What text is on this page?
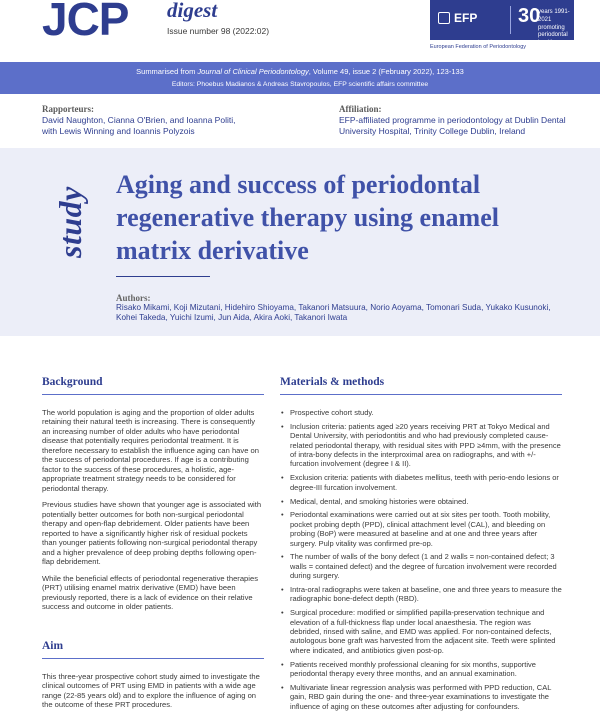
JCP digest
Issue number 98 (2022:02)
EFP 30
years 1991-2021 promoting periodontal health
European Federation of Periodontology
Summarised from Journal of Clinical Periodontology, Volume 49, issue 2 (February 2022), 123-133
Editors: Phoebus Madianos & Andreas Stavropoulos, EFP scientific affairs committee
Rapporteurs:
David Naughton, Cianna O'Brien, and Ioanna Politi,
with Lewis Winning and Ioannis Polyzois
Affiliation:
EFP-affiliated programme in periodontology at Dublin Dental
University Hospital, Trinity College Dublin, Ireland
study
Aging and success of periodontal regenerative therapy using enamel matrix derivative
Authors:
Risako Mikami, Koji Mizutani, Hidehiro Shioyama, Takanori Matsuura, Norio Aoyama, Tomonari Suda, Yukako Kusunoki, Kohei Takeda, Yuichi Izumi, Jun Aida, Akira Aoki, Takanori Iwata
Background

The world population is aging and the proportion of older adults retaining their natural teeth is increasing. There is consequently an increasing number of older adults who have periodontal disease that potentially requires periodontal treatment. It is therefore necessary to establish the influence aging can have on the success of periodontal procedures. If age is a contributing factor to the success of these procedures, a holistic, age-appropriate treatment strategy needs to be considered for periodontal therapy.

Previous studies have shown that younger age is associated with potentially better outcomes for both non-surgical periodontal therapy and open-flap debridement. Older patients have been reported to have a significantly higher risk of residual pockets than younger patients following non-surgical periodontal therapy and a higher prevalence of deep probing depths following open-flap debridement.

While the beneficial effects of periodontal regenerative therapies (PRT) utilising enamel matrix derivative (EMD) have been previously reported, there is a lack of evidence on their relative success and outcome in older patients.

Aim

This three-year prospective cohort study aimed to investigate the clinical outcomes of PRT using EMD in patients with a wide age range (22-85 years old) and to explore the influence of aging on the outcome of these PRT procedures.

Materials & methods
• Prospective cohort study.
• Inclusion criteria: patients aged ≥20 years receiving PRT at Tokyo Medical and Dental University, with periodontitis and who had previously completed cause-related periodontal therapy, with residual sites with PPD ≥4mm, with the presence of intra-bony defects in the interproximal area on radiographs, and with +/- furcation involvement (degree I & II).
• Exclusion criteria: patients with diabetes mellitus, teeth with perio-endo lesions or degree-III furcation involvement.
• Medical, dental, and smoking histories were obtained.
• Periodontal examinations were carried out at six sites per tooth. Tooth mobility, pocket probing depth (PPD), clinical attachment level (CAL), and bleeding on probing (BoP) were measured at baseline and at one and three years after surgery. Pulp vitality was confirmed pre-op.
• The number of walls of the bony defect (1 and 2 walls = non-contained defect; 3 walls = contained defect) and the degree of furcation involvement were recorded during surgery.
• Intra-oral radiographs were taken at baseline, one and three years to measure the radiographic bone-defect depth (RBD).
• Surgical procedure: modified or simplified papilla-preservation technique and elevation of a full-thickness flap under local anaesthesia. The region was debrided, rinsed with saline, and EMD was applied. For non-contained defects, autologous bone graft was harvested from the adjacent site. Teeth were splinted where indicated, and antibiotics given post-op.
• Patients received monthly professional cleaning for six months, supportive periodontal therapy every three months, and an annual examination.
• Multivariate linear regression analysis was performed with PPD reduction, CAL gain, RBD gain during the one- and three-year examinations to investigate the influence of aging on these outcomes after adjusting for confounders.
